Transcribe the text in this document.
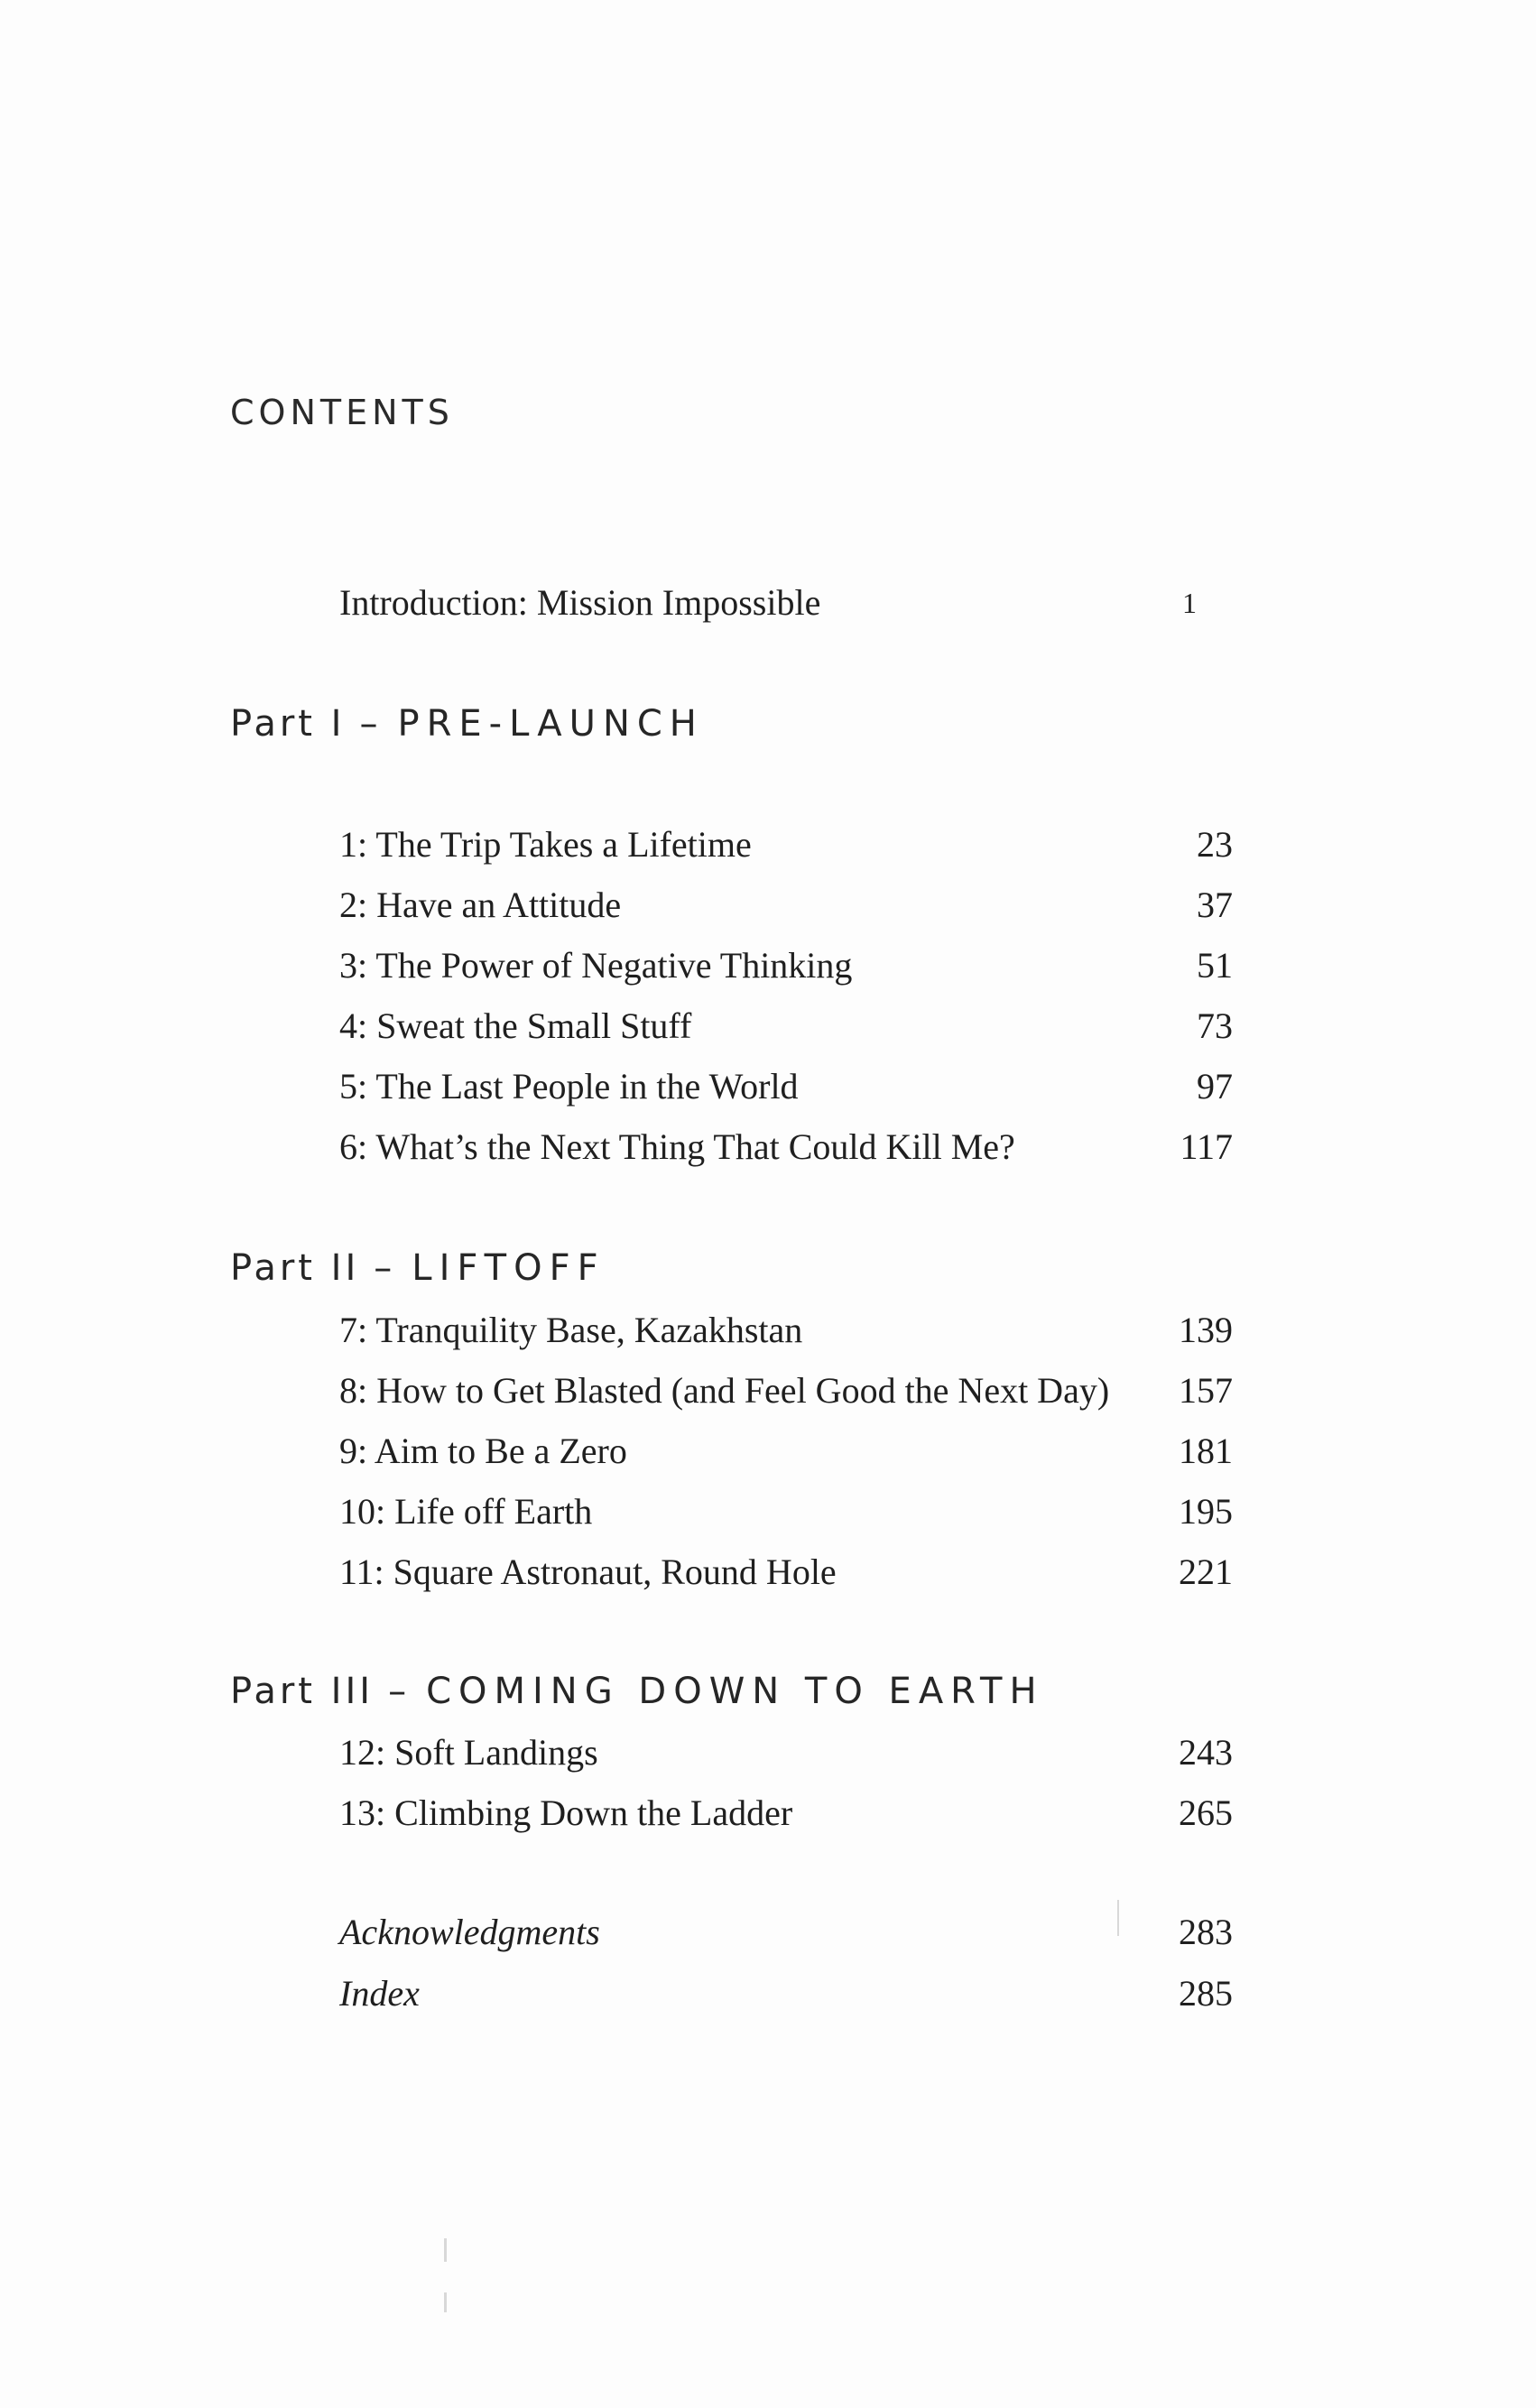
CONTENTS
Introduction: Mission Impossible	1
Part I – PRE-LAUNCH
1: The Trip Takes a Lifetime	23
2: Have an Attitude	37
3: The Power of Negative Thinking	51
4: Sweat the Small Stuff	73
5: The Last People in the World	97
6: What’s the Next Thing That Could Kill Me?	117
Part II – LIFTOFF
7: Tranquility Base, Kazakhstan	139
8: How to Get Blasted (and Feel Good the Next Day) 157
9: Aim to Be a Zero	181
10: Life off Earth	195
11: Square Astronaut, Round Hole	221
Part III – COMING DOWN TO EARTH
12: Soft Landings	243
13: Climbing Down the Ladder	265
Acknowledgments	283
Index	285
